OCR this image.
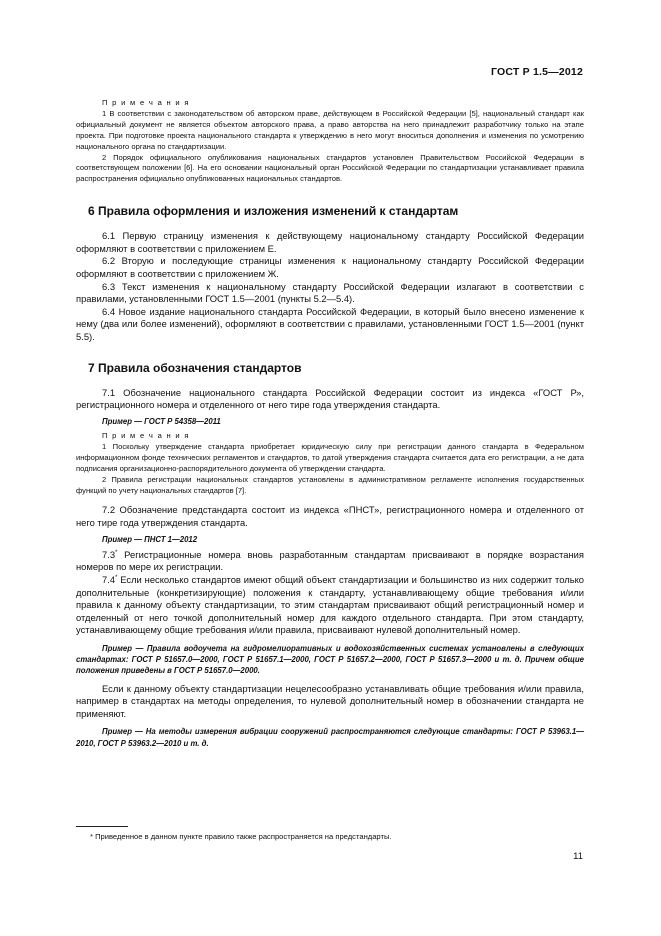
ГОСТ Р 1.5—2012

П р и м е ч а н и я

1 В соответствии с законодательством об авторском праве, действующем в Российской Федерации [5], национальный стандарт как официальный документ не является объектом авторского права, а право авторства на него принадлежит разработчику только на этапе проекта. При подготовке проекта национального стандарта к утверждению в него могут вноситься дополнения и изменения по усмотрению национального органа по стандартизации.

2 Порядок официального опубликования национальных стандартов установлен Правительством Российской Федерации в соответствующем положении [6]. На его основании национальный орган Российской Федерации по стандартизации устанавливает правила распространения официально опубликованных национальных стандартов.

6 Правила оформления и изложения изменений к стандартам

6.1 Первую страницу изменения к действующему национальному стандарту Российской Федерации оформляют в соответствии с приложением Е.

6.2 Вторую и последующие страницы изменения к национальному стандарту Российской Федерации оформляют в соответствии с приложением Ж.

6.3 Текст изменения к национальному стандарту Российской Федерации излагают в соответствии с правилами, установленными ГОСТ 1.5—2001 (пункты 5.2—5.4).

6.4 Новое издание национального стандарта Российской Федерации, в который было внесено изменение к нему (два или более изменений), оформляют в соответствии с правилами, установленными ГОСТ 1.5—2001 (пункт 5.5).

7 Правила обозначения стандартов

7.1 Обозначение национального стандарта Российской Федерации состоит из индекса «ГОСТ Р», регистрационного номера и отделенного от него тире года утверждения стандарта.

Пример — ГОСТ Р 54358—2011

П р и м е ч а н и я

1 Поскольку утверждение стандарта приобретает юридическую силу при регистрации данного стандарта в Федеральном информационном фонде технических регламентов и стандартов, то датой утверждения стандарта считается дата его регистрации, а не дата подписания организационно-распорядительного документа об утверждении стандарта.

2 Правила регистрации национальных стандартов установлены в административном регламенте исполнения государственных функций по учету национальных стандартов [7].

7.2 Обозначение предстандарта состоит из индекса «ПНСТ», регистрационного номера и отделенного от него тире года утверждения стандарта.

Пример — ПНСТ 1—2012

7.3* Регистрационные номера вновь разработанным стандартам присваивают в порядке возрастания номеров по мере их регистрации.

7.4* Если несколько стандартов имеют общий объект стандартизации и большинство из них содержит только дополнительные (конкретизирующие) положения к стандарту, устанавливающему общие требования и/или правила к данному объекту стандартизации, то этим стандартам присваивают общий регистрационный номер и отделенный от него точкой дополнительный номер для каждого отдельного стандарта. При этом стандарту, устанавливающему общие требования и/или правила, присваивают нулевой дополнительный номер.

Пример — Правила водоучета на гидромелиоративных и водохозяйственных системах установлены в следующих стандартах: ГОСТ Р 51657.0—2000, ГОСТ Р 51657.1—2000, ГОСТ Р 51657.2—2000, ГОСТ Р 51657.3—2000 и т. д. Причем общие положения приведены в ГОСТ Р 51657.0—2000.

Если к данному объекту стандартизации нецелесообразно устанавливать общие требования и/или правила, например в стандартах на методы определения, то нулевой дополнительный номер в обозначении стандарта не применяют.

Пример — На методы измерения вибрации сооружений распространяются следующие стандарты: ГОСТ Р 53963.1—2010, ГОСТ Р 53963.2—2010 и т. д.

* Приведенное в данном пункте правило также распространяется на предстандарты.
11
